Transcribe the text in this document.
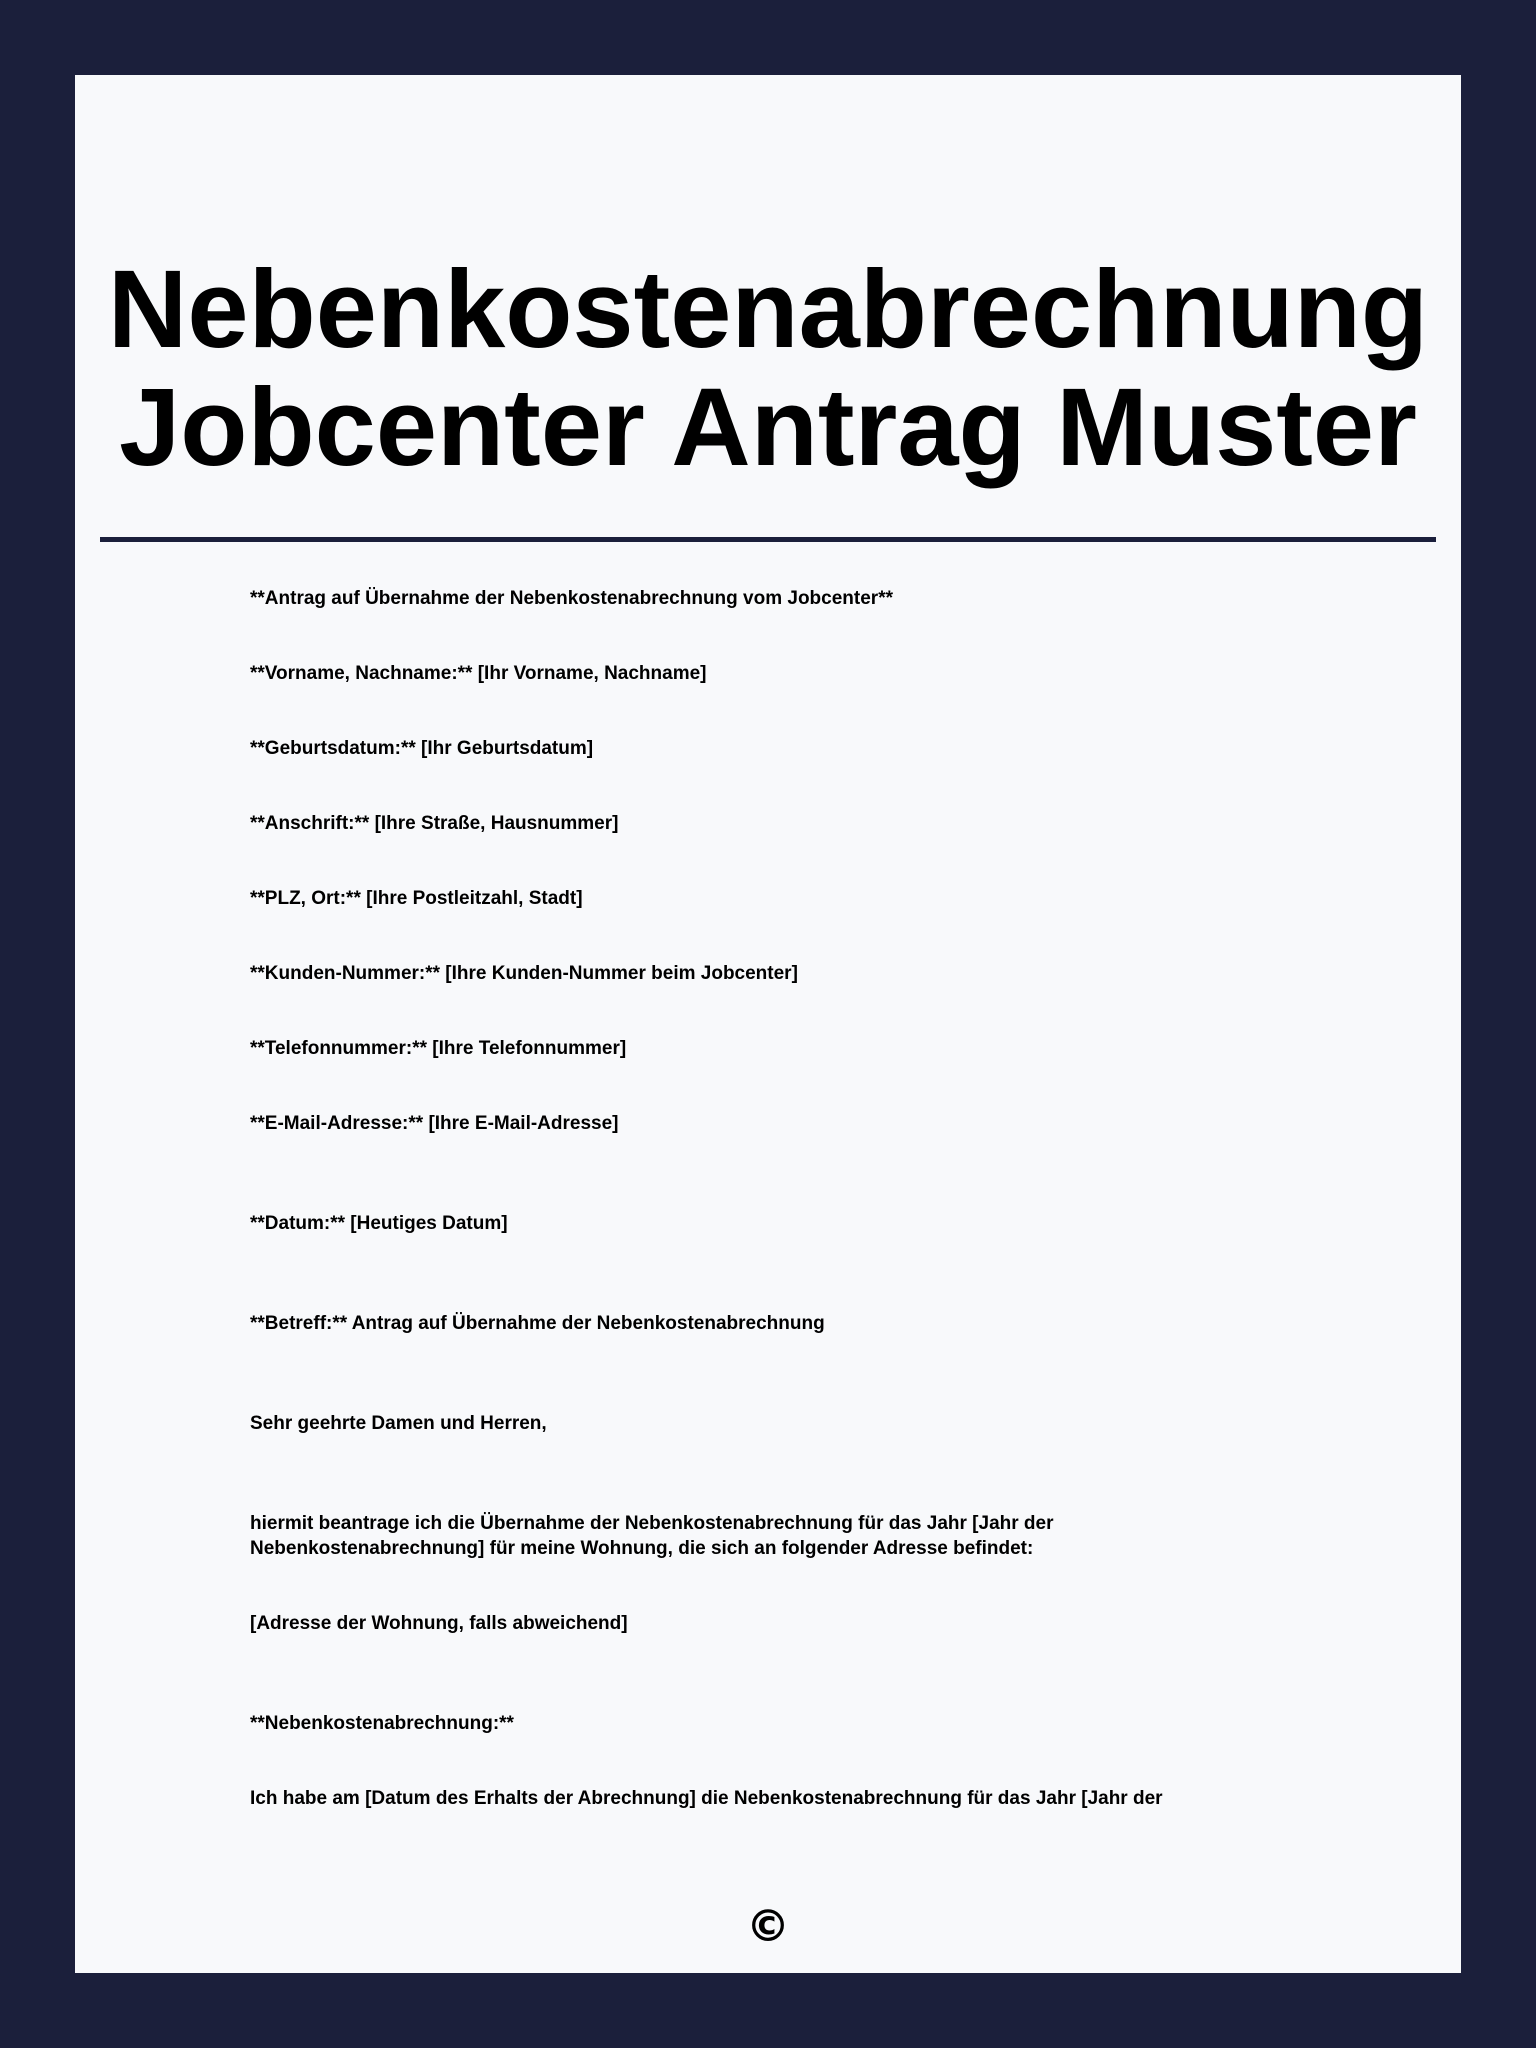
Nebenkostenabrechnung Jobcenter Antrag Muster

**Antrag auf Übernahme der Nebenkostenabrechnung vom Jobcenter**

**Vorname, Nachname:** [Ihr Vorname, Nachname]

**Geburtsdatum:** [Ihr Geburtsdatum]

**Anschrift:** [Ihre Straße, Hausnummer]

**PLZ, Ort:** [Ihre Postleitzahl, Stadt]

**Kunden-Nummer:** [Ihre Kunden-Nummer beim Jobcenter]

**Telefonnummer:** [Ihre Telefonnummer]

**E-Mail-Adresse:** [Ihre E-Mail-Adresse]

**Datum:** [Heutiges Datum]

**Betreff:** Antrag auf Übernahme der Nebenkostenabrechnung

Sehr geehrte Damen und Herren,

hiermit beantrage ich die Übernahme der Nebenkostenabrechnung für das Jahr [Jahr der Nebenkostenabrechnung] für meine Wohnung, die sich an folgender Adresse befindet:

[Adresse der Wohnung, falls abweichend]

**Nebenkostenabrechnung:**

Ich habe am [Datum des Erhalts der Abrechnung] die Nebenkostenabrechnung für das Jahr [Jahr der

©
